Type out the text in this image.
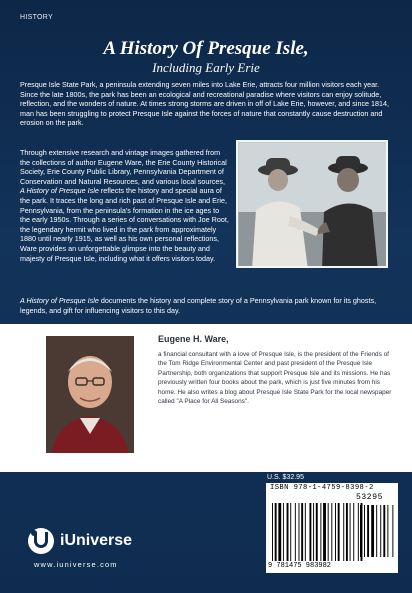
HISTORY
A History Of Presque Isle,
Including Early Erie

Presque Isle State Park, a peninsula extending seven miles into Lake Erie, attracts four million visitors each year. Since the late 1800s, the park has been an ecological and recreational paradise where visitors can enjoy solitude, reflection, and the wonders of nature. At times strong storms are driven in off of Lake Erie, however, and since 1814, man has been struggling to protect Presque Isle against the forces of nature that constantly cause destruction and erosion on the park.

Through extensive research and vintage images gathered from the collections of author Eugene Ware, the Erie County Historical Society, Erie County Public Library, Pennsylvania Department of Conservation and Natural Resources, and various local sources, A History of Presque Isle reflects the history and special aura of the park. It traces the long and rich past of Presque Isle and Erie, Pennsylvania, from the peninsula's formation in the ice ages to the early 1950s. Through a series of conversations with Joe Root, the legendary hermit who lived in the park from approximately 1880 until nearly 1915, as well as his own personal reflections, Ware provides an unforgettable glimpse into the beauty and majesty of Presque Isle, including what it offers visitors today.

A History of Presque Isle documents the history and complete story of a Pennsylvania park known for its ghosts, legends, and gift for influencing visitors to this day.

Eugene H. Ware,

a financial consultant with a love of Presque Isle, is the president of the Friends of the Tom Ridge Environmental Center and past president of the Presque Isle Partnership, both organizations that support Presque Isle and its missions. He has previously written four books about the park, which is just five minutes from his home. He also writes a blog about Presque Isle State Park for the local newspaper called "A Place for All Seasons".

U.S. $32.95
ISBN 978-1-4759-8398-2
53295
9 781475 983982
iUniverse
www.iuniverse.com
